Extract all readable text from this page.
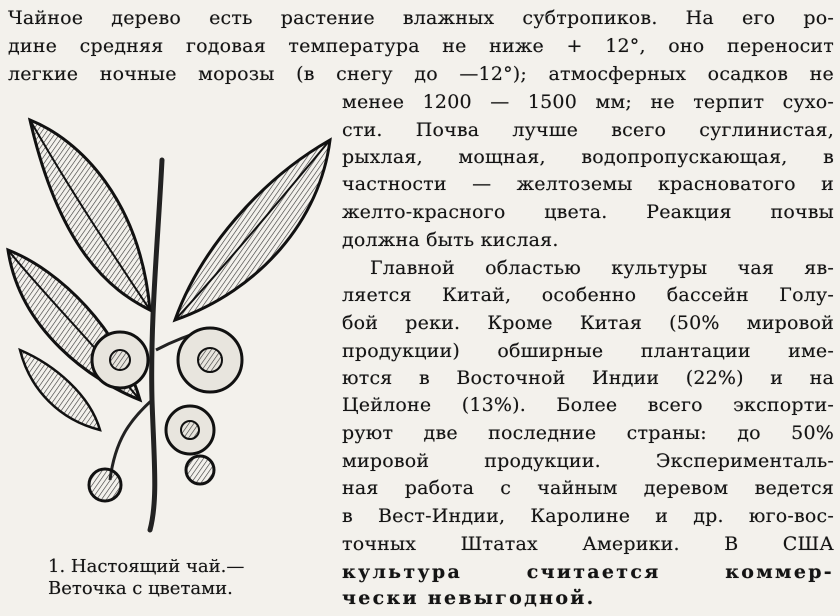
Чайное дерево есть растение влажных субтропиков. На его ро-
дине средняя годовая температура не ниже + 12°, оно переносит
легкие ночные морозы (в снегу до —12°); атмосферных осадков не
менее 1200 — 1500 мм; не терпит сухо-
сти. Почва лучше всего суглинистая,
рыхлая, мощная, водопропускающая, в
частности — желтоземы красноватого и
желто-красного цвета. Реакция почвы
должна быть кислая.
Главной областью культуры чая яв-
ляется Китай, особенно бассейн Голу-
бой реки. Кроме Китая (50% мировой
продукции) обширные плантации име-
ются в Восточной Индии (22%) и на
Цейлоне (13%). Более всего экспорти-
руют две последние страны: до 50%
мировой продукции. Эксперименталь-
ная работа с чайным деревом ведется
в Вест-Индии, Каролине и др. юго-вос-
точных Штатах Америки. В США
культура считается коммер-
чески невыгодной.
1. Настоящий чай.—
Веточка с цветами.
